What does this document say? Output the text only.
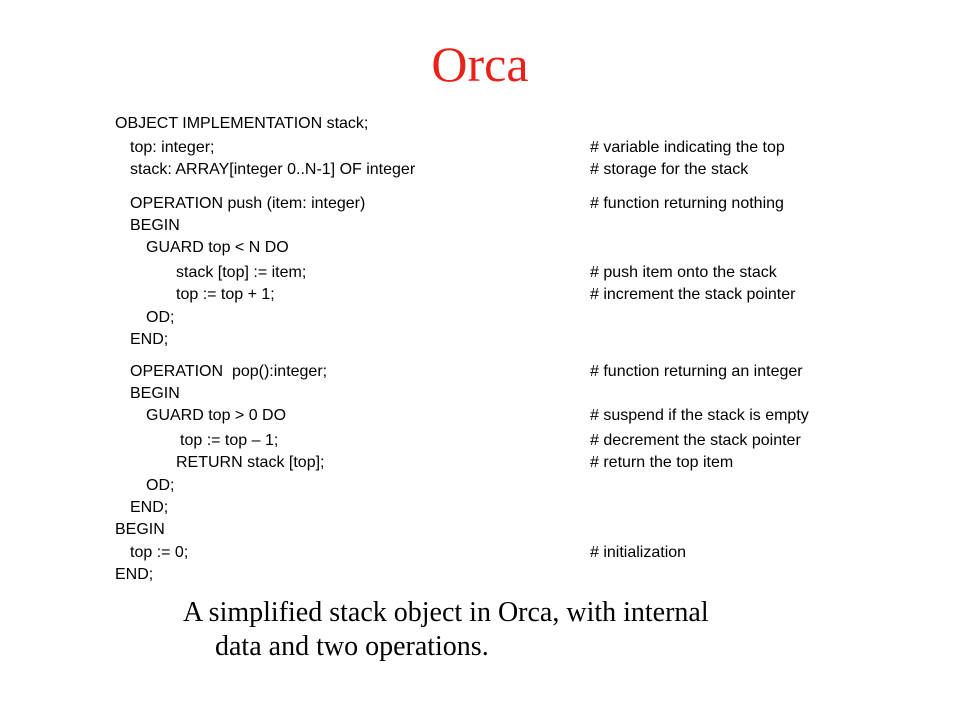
Orca
OBJECT IMPLEMENTATION stack;
top: integer;	# variable indicating the top
stack: ARRAY[integer 0..N-1] OF integer	# storage for the stack
OPERATION push (item: integer)	# function returning nothing
BEGIN
GUARD top < N DO
stack [top] := item;	# push item onto the stack
top := top + 1;	# increment the stack pointer
OD;
END;
OPERATION  pop():integer;	# function returning an integer
BEGIN
GUARD top > 0 DO	# suspend if the stack is empty
top := top – 1;	# decrement the stack pointer
RETURN stack [top];	# return the top item
OD;
END;
BEGIN
top := 0;	# initialization
END;
A simplified stack object in Orca, with internal
data and two operations.
